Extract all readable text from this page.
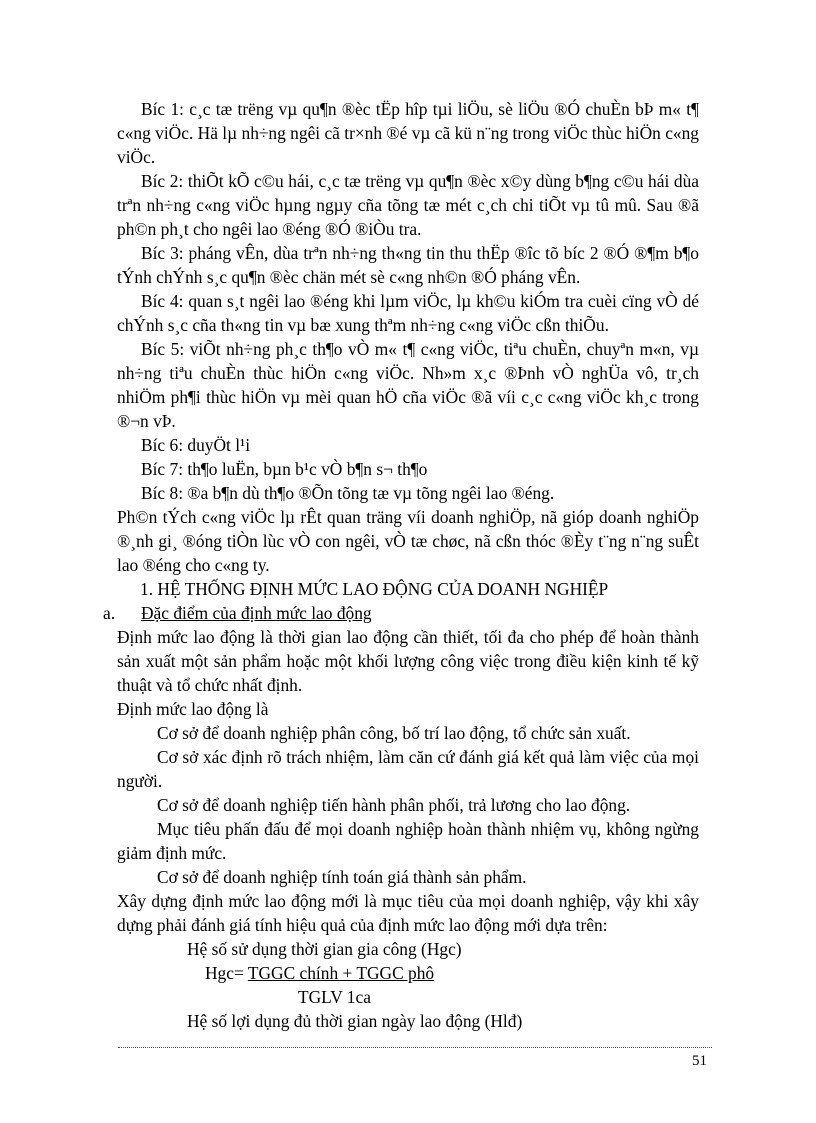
Bíc 1: c¸c tæ trëng vµ qu¶n ®èc tËp hîp tµi liÖu, sè liÖu ®Ó chuÈn bÞ m« t¶ c«ng viÖc. Hä lµ nh÷ng ngêi cã tr×nh ®é vµ cã kü n¨ng trong viÖc thùc hiÖn c«ng viÖc.

Bíc 2: thiÕt kÕ c©u hái, c¸c tæ trëng vµ qu¶n ®èc x©y dùng b¶ng c©u hái dùa trªn nh÷ng c«ng viÖc hµng ngµy cña tõng tæ mét c¸ch chi tiÕt vµ tû mû. Sau ®ã ph©n ph¸t cho ngêi lao ®éng ®Ó ®iÒu tra.

Bíc 3: pháng vÊn, dùa trªn nh÷ng th«ng tin thu thËp ®îc tõ bíc 2 ®Ó ®¶m b¶o tÝnh chÝnh s¸c qu¶n ®èc chän mét sè c«ng nh©n ®Ó pháng vÊn.

Bíc 4: quan s¸t ngêi lao ®éng khi lµm viÖc, lµ kh©u kiÓm tra cuèi cïng vÒ dé chÝnh s¸c cña th«ng tin vµ bæ xung thªm nh÷ng c«ng viÖc cßn thiÕu.

Bíc 5: viÕt nh÷ng ph¸c th¶o vÒ m« t¶ c«ng viÖc, tiªu chuÈn, chuyªn m«n, vµ nh÷ng tiªu chuÈn thùc hiÖn c«ng viÖc. Nh»m x¸c ®Þnh vÒ nghÜa vô, tr¸ch nhiÖm ph¶i thùc hiÖn vµ mèi quan hÖ cña viÖc ®ã víi c¸c c«ng viÖc kh¸c trong ®¬n vÞ.

Bíc 6: duyÖt l¹i

Bíc 7: th¶o luËn, bµn b¹c vÒ b¶n s¬ th¶o

Bíc 8: ®a b¶n dù th¶o ®Õn tõng tæ vµ tõng ngêi lao ®éng.

Ph©n tÝch c«ng viÖc lµ rÊt quan träng víi doanh nghiÖp, nã gióp doanh nghiÖp ®¸nh gi¸ ®óng tiÒn lùc vÒ con ngêi, vÒ tæ chøc, nã cßn thóc ®Èy t¨ng n¨ng suÊt lao ®éng cho c«ng ty.

1. HỆ THỐNG ĐỊNH MỨC LAO ĐỘNG CỦA DOANH NGHIỆP

a.	Đặc điểm của định mức lao động

Định mức lao động là thời gian lao động cần thiết, tối đa cho phép để hoàn thành sản xuất một sản phẩm hoặc một khối lượng công việc trong điều kiện kinh tế kỹ thuật và tổ chức nhất định.

Định mức lao động là

Cơ sở để doanh nghiệp phân công, bố trí lao động, tổ chức sản xuất.

Cơ sở xác định rõ trách nhiệm, làm căn cứ đánh giá kết quả làm việc của mọi người.

Cơ sở để doanh nghiệp tiến hành phân phối, trả lương cho lao động.

Mục tiêu phấn đấu để mọi doanh nghiệp hoàn thành nhiệm vụ, không ngừng giảm định mức.

Cơ sở để doanh nghiệp tính toán giá thành sản phẩm.

Xây dựng định mức lao động mới là mục tiêu của mọi doanh nghiệp, vậy khi xây dựng phải đánh giá tính hiệu quả của định mức lao động mới dựa trên:

Hệ số sử dụng thời gian gia công (Hgc)

Hgc= TGGC chính + TGGC phô

TGLV 1ca

Hệ số lợi dụng đủ thời gian ngày lao động (Hlđ)

51
